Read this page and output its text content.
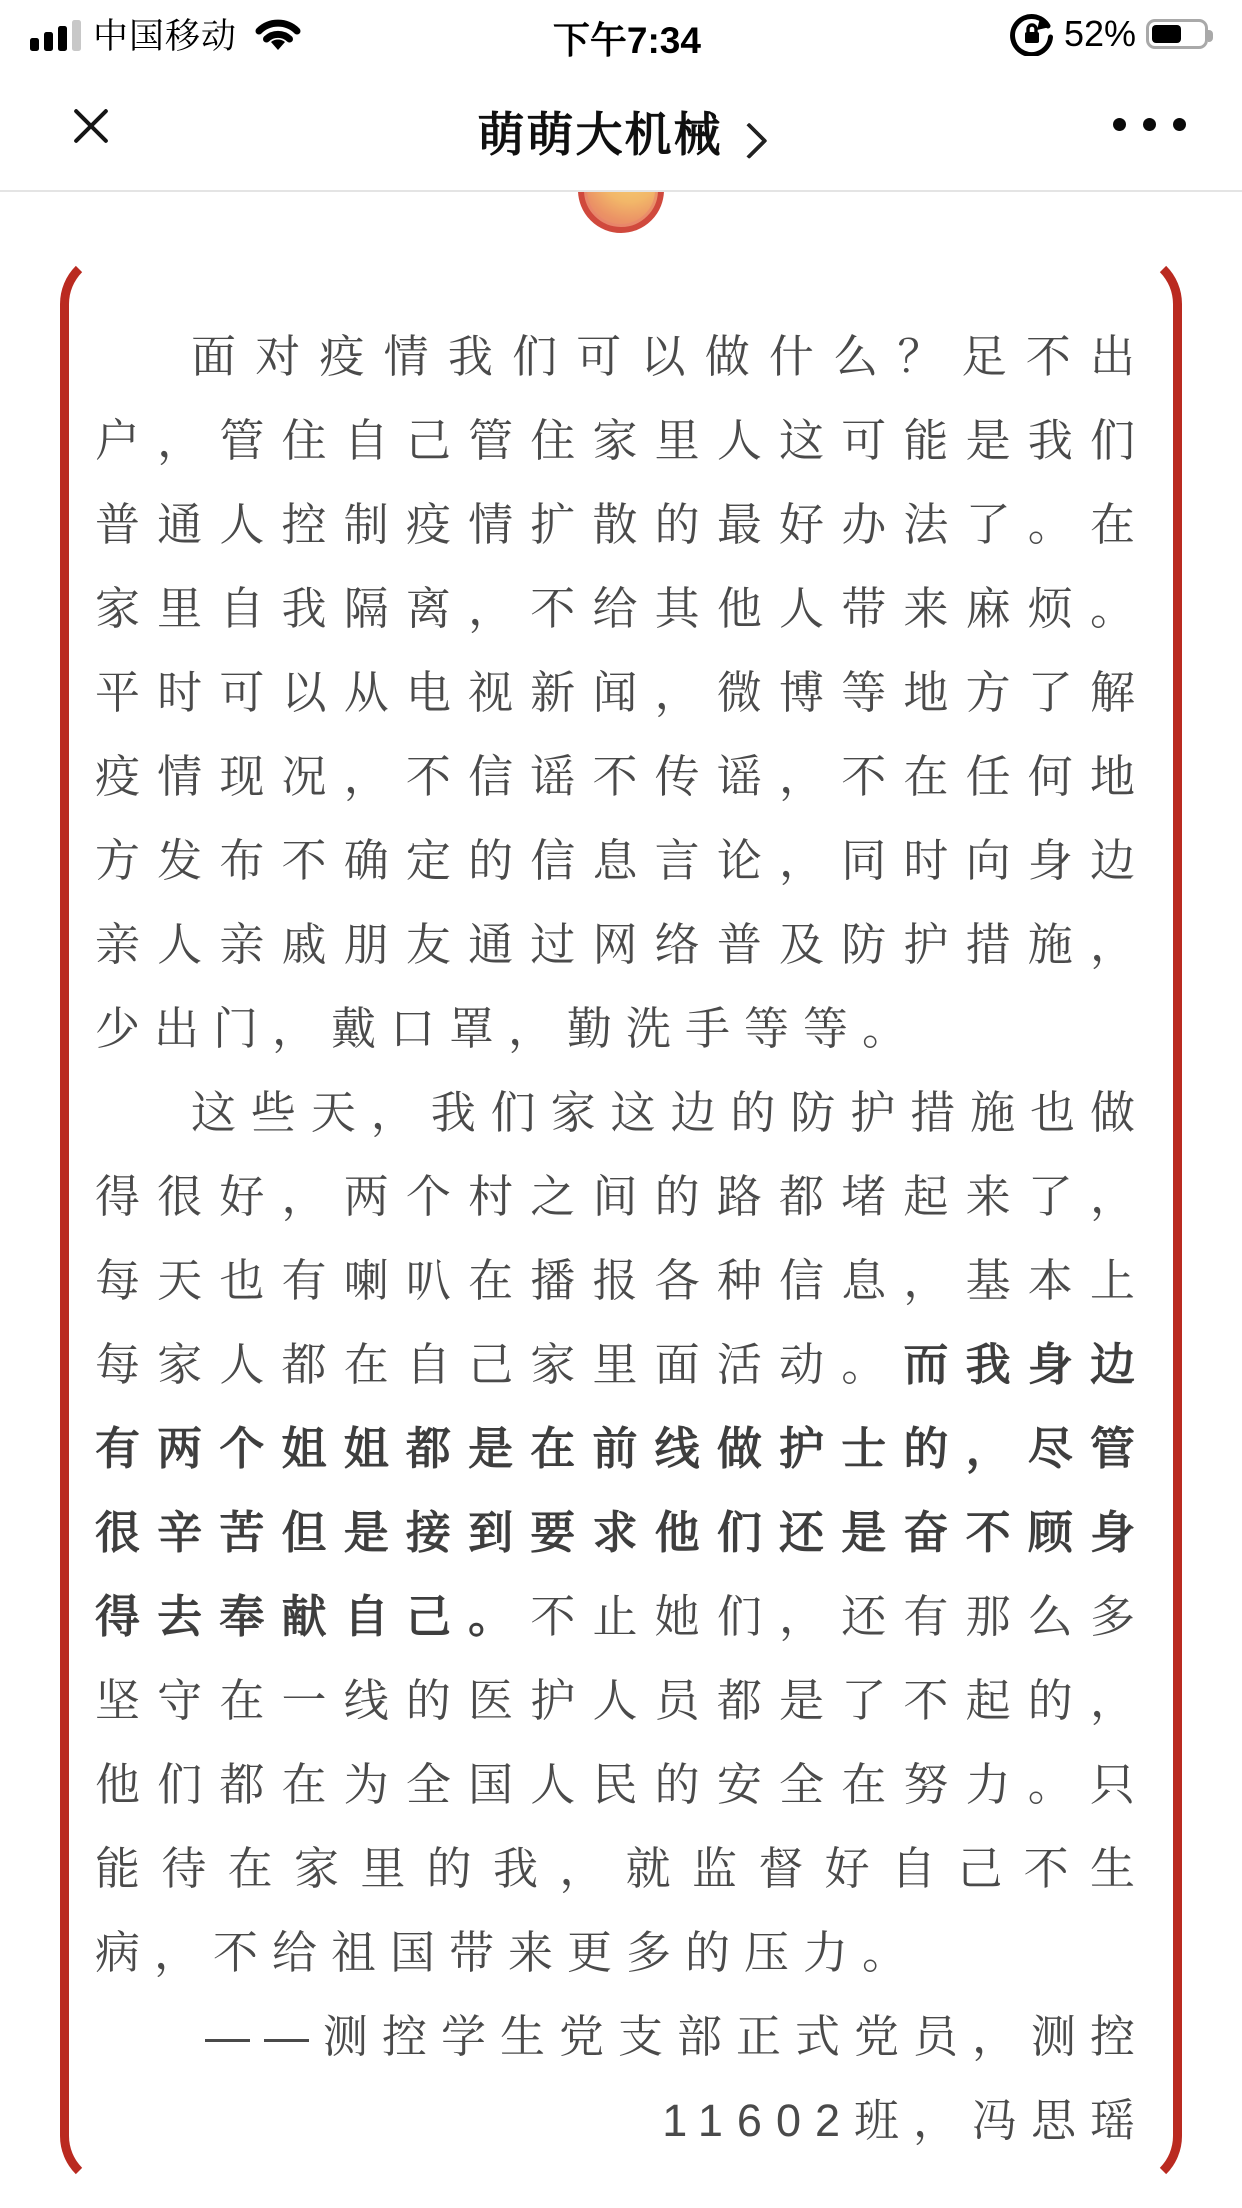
中国移动	下午7:34	52%
萌萌大机械

面对疫情我们可以做什么？足不出户，管住自己管住家里人这可能是我们普通人控制疫情扩散的最好办法了。在家里自我隔离，不给其他人带来麻烦。平时可以从电视新闻，微博等地方了解疫情现况，不信谣不传谣，不在任何地方发布不确定的信息言论，同时向身边亲人亲戚朋友通过网络普及防护措施，少出门，戴口罩，勤洗手等等。

这些天，我们家这边的防护措施也做得很好，两个村之间的路都堵起来了，每天也有喇叭在播报各种信息，基本上每家人都在自己家里面活动。而我身边有两个姐姐都是在前线做护士的，尽管很辛苦但是接到要求他们还是奋不顾身得去奉献自己。不止她们，还有那么多坚守在一线的医护人员都是了不起的，他们都在为全国人民的安全在努力。只能待在家里的我，就监督好自己不生病，不给祖国带来更多的压力。

——测控学生党支部正式党员，测控11602班，冯思瑶
